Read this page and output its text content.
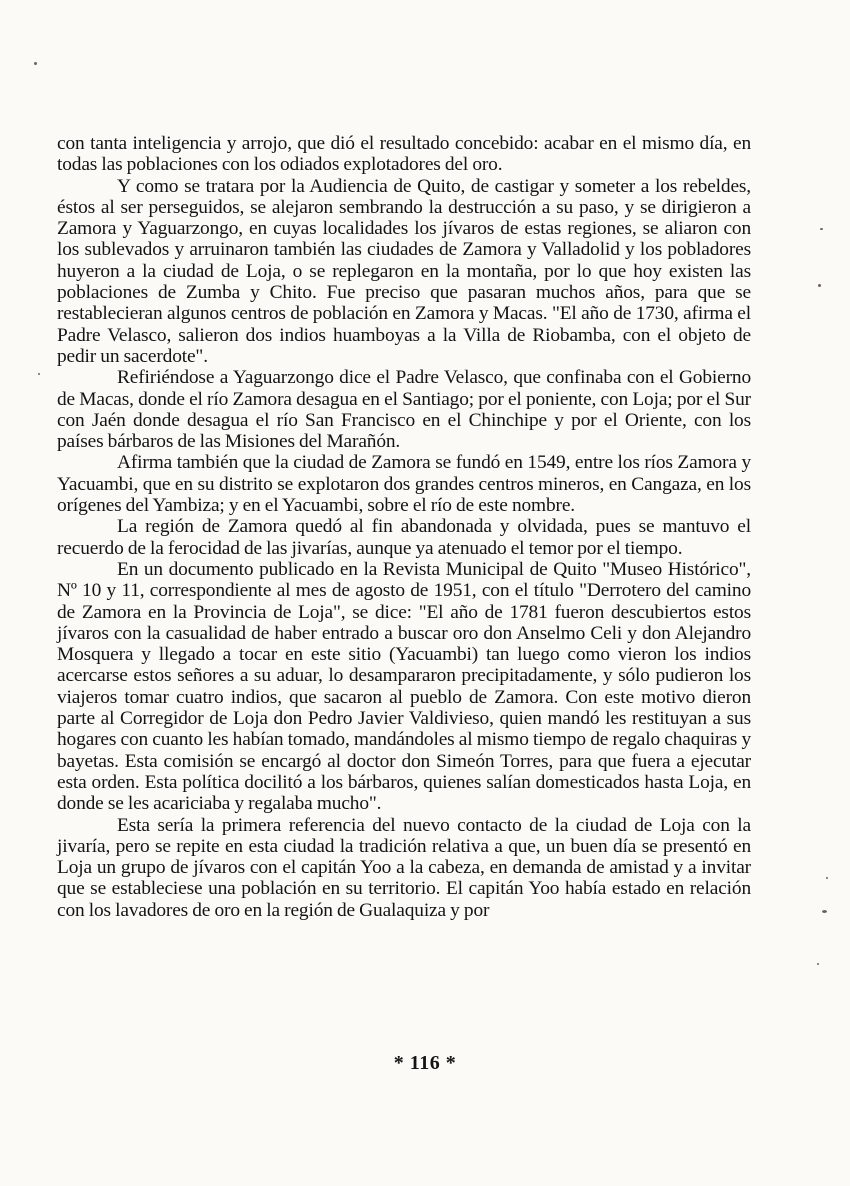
con tanta inteligencia y arrojo, que dió el resultado concebido: acabar en el mismo día, en todas las poblaciones con los odiados explotadores del oro.

Y como se tratara por la Audiencia de Quito, de castigar y someter a los rebeldes, éstos al ser perseguidos, se alejaron sembrando la destrucción a su paso, y se dirigieron a Zamora y Yaguarzongo, en cuyas localidades los jívaros de estas regiones, se aliaron con los sublevados y arruinaron también las ciudades de Zamora y Valladolid y los pobladores huyeron a la ciudad de Loja, o se replegaron en la montaña, por lo que hoy existen las poblaciones de Zumba y Chito. Fue preciso que pasaran muchos años, para que se restablecieran algunos centros de población en Zamora y Macas. "El año de 1730, afirma el Padre Velasco, salieron dos indios huamboyas a la Villa de Riobamba, con el objeto de pedir un sacerdote".

Refiriéndose a Yaguarzongo dice el Padre Velasco, que confinaba con el Gobierno de Macas, donde el río Zamora desagua en el Santiago; por el poniente, con Loja; por el Sur con Jaén donde desagua el río San Francisco en el Chinchipe y por el Oriente, con los países bárbaros de las Misiones del Marañón.

Afirma también que la ciudad de Zamora se fundó en 1549, entre los ríos Zamora y Yacuambi, que en su distrito se explotaron dos grandes centros mineros, en Cangaza, en los orígenes del Yambiza; y en el Yacuambi, sobre el río de este nombre.

La región de Zamora quedó al fin abandonada y olvidada, pues se mantuvo el recuerdo de la ferocidad de las jivarías, aunque ya atenuado el temor por el tiempo.

En un documento publicado en la Revista Municipal de Quito "Museo Histórico", Nº 10 y 11, correspondiente al mes de agosto de 1951, con el título "Derrotero del camino de Zamora en la Provincia de Loja", se dice: "El año de 1781 fueron descubiertos estos jívaros con la casualidad de haber entrado a buscar oro don Anselmo Celi y don Alejandro Mosquera y llegado a tocar en este sitio (Yacuambi) tan luego como vieron los indios acercarse estos señores a su aduar, lo desampararon precipitadamente, y sólo pudieron los viajeros tomar cuatro indios, que sacaron al pueblo de Zamora. Con este motivo dieron parte al Corregidor de Loja don Pedro Javier Valdivieso, quien mandó les restituyan a sus hogares con cuanto les habían tomado, mandándoles al mismo tiempo de regalo chaquiras y bayetas. Esta comisión se encargó al doctor don Simeón Torres, para que fuera a ejecutar esta orden. Esta política docilitó a los bárbaros, quienes salían domesticados hasta Loja, en donde se les acariciaba y regalaba mucho".

Esta sería la primera referencia del nuevo contacto de la ciudad de Loja con la jivaría, pero se repite en esta ciudad la tradición relativa a que, un buen día se presentó en Loja un grupo de jívaros con el capitán Yoo a la cabeza, en demanda de amistad y a invitar que se estableciese una población en su territorio. El capitán Yoo había estado en relación con los lavadores de oro en la región de Gualaquiza y por

* 116 *
